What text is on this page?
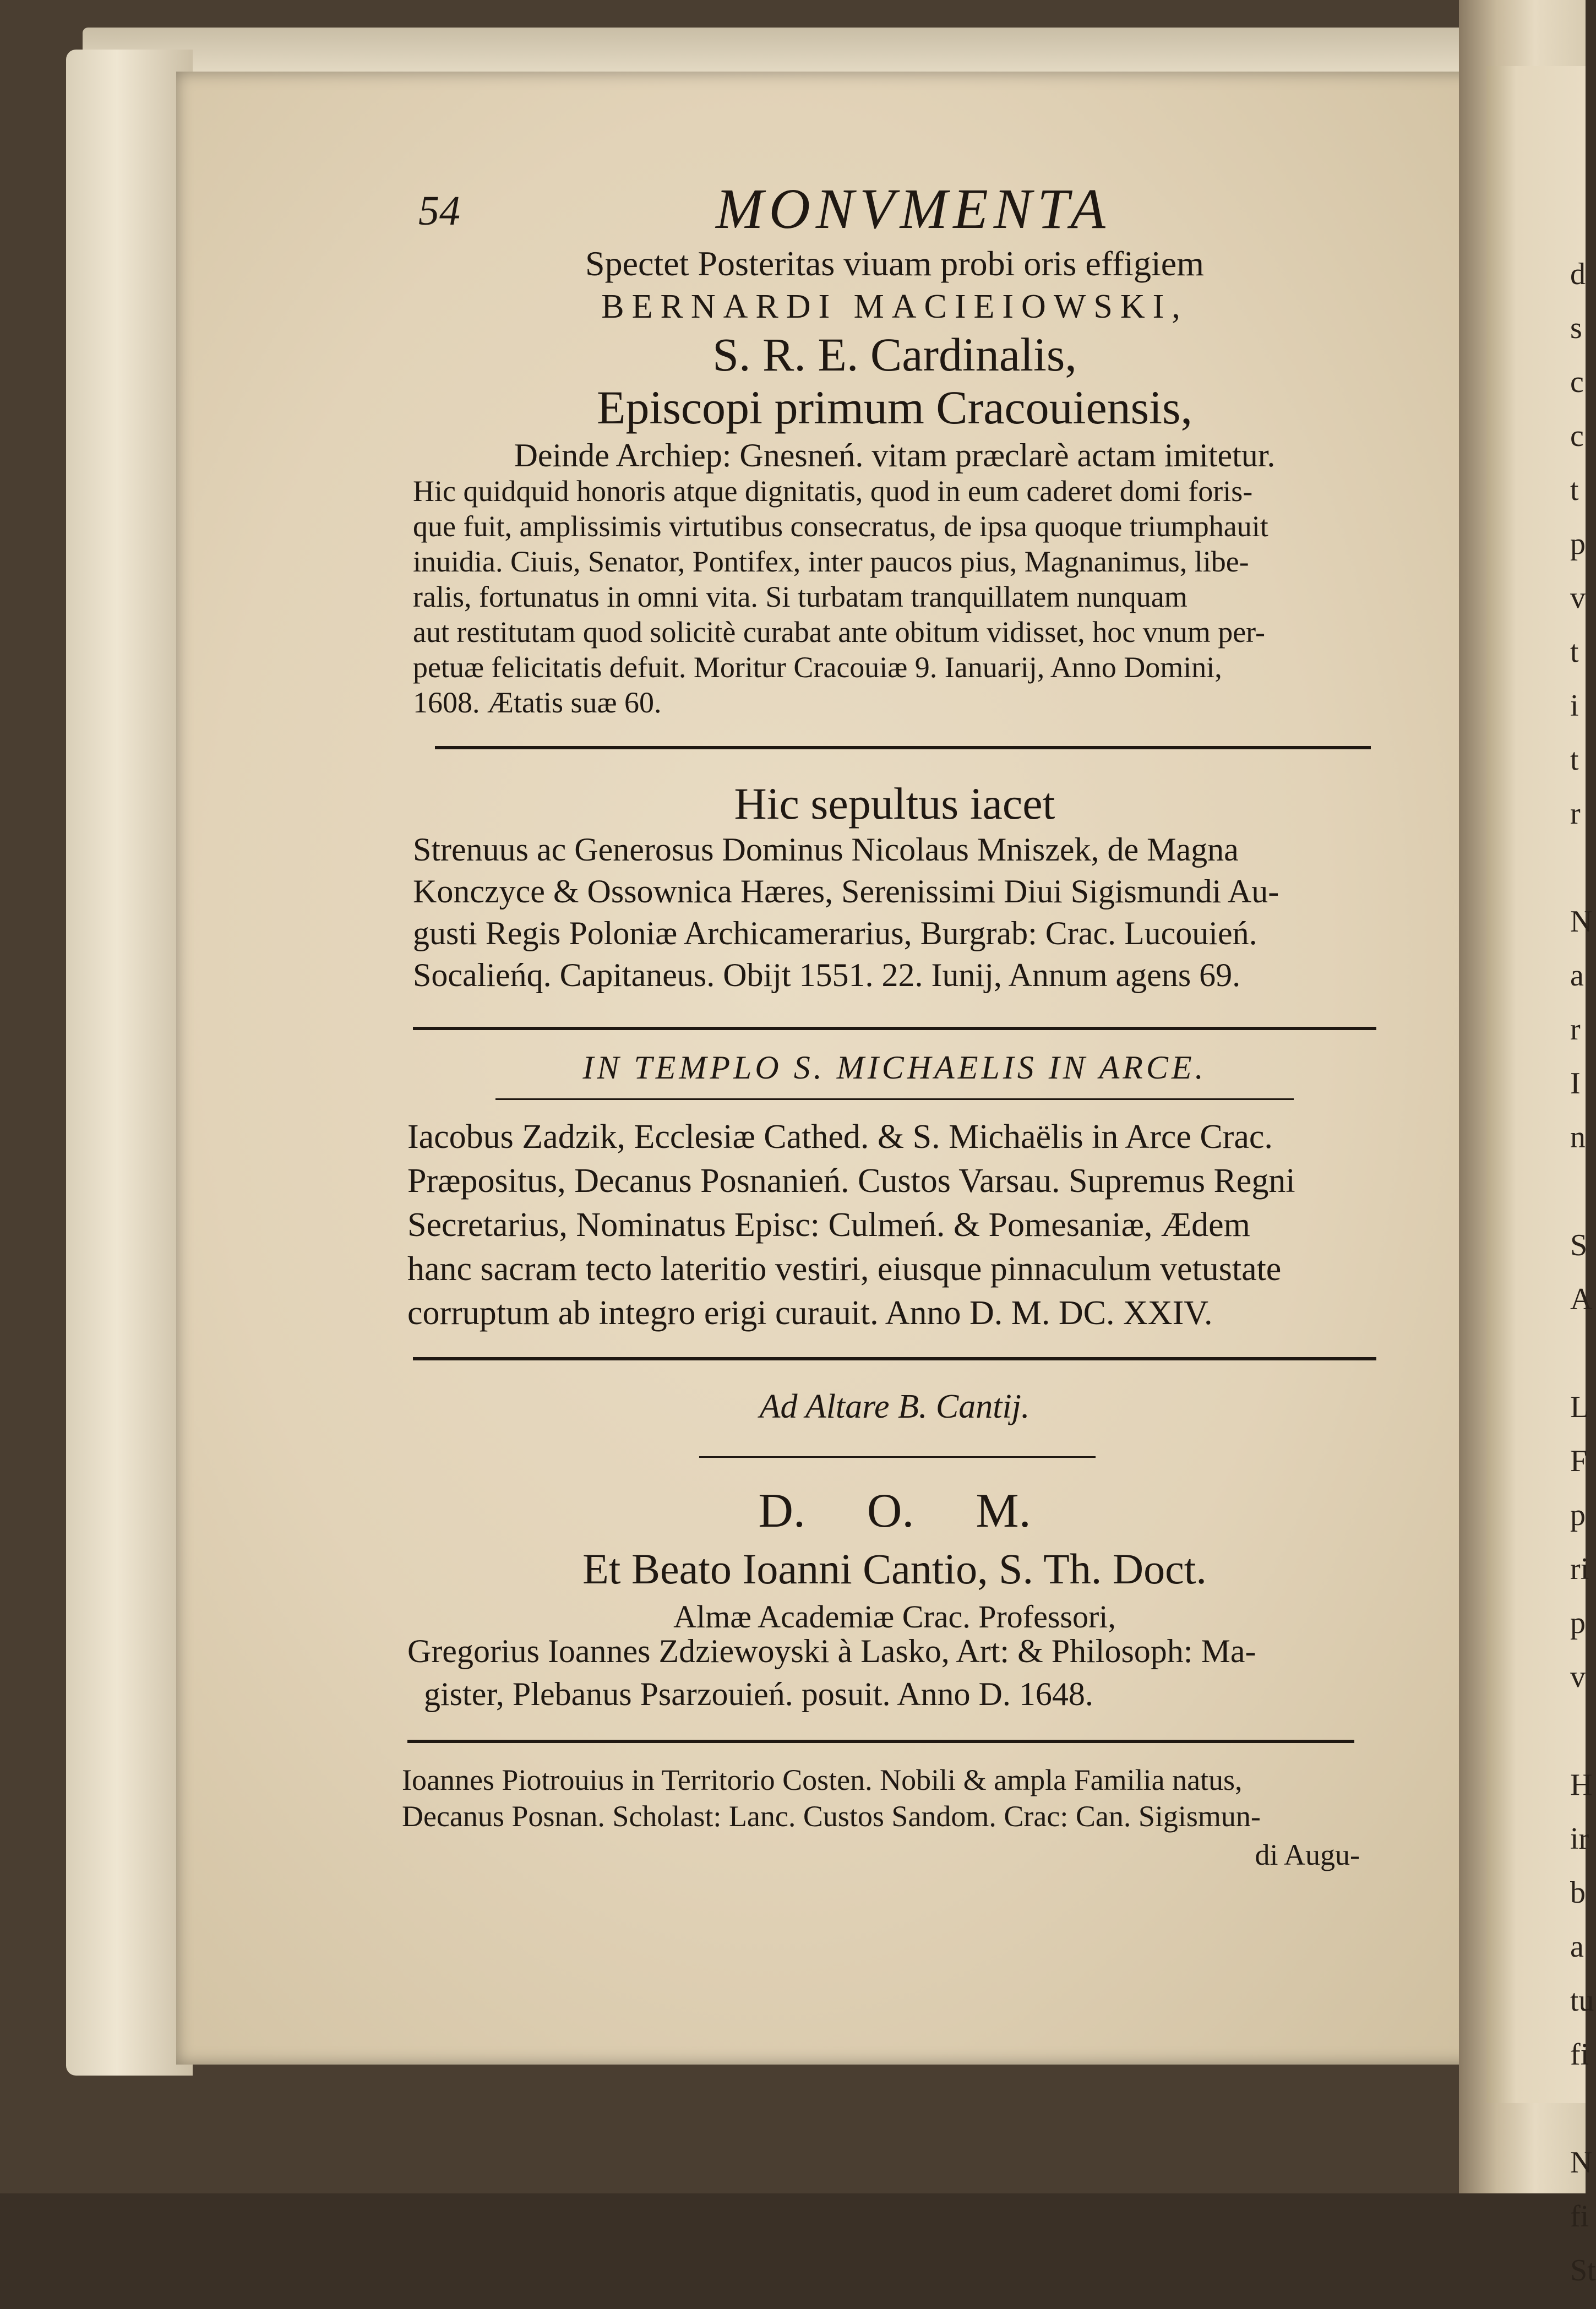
d
s
c
c
t
p
v
t
i
t
r
N
a
r
I
n
S
A
L
F
p
ri
p
v
H
ir
b
a
tu
fi
N
fi
St
54	MONVMENTA
Spectet Posteritas viuam probi oris effigiem
BERNARDI MACIEIOWSKI,
S. R. E. Cardinalis,
Episcopi primum Cracouiensis,
Deinde Archiep: Gnesneń. vitam præclarè actam imitetur.
Hic quidquid honoris atque dignitatis, quod in eum caderet domi foris-
que fuit, amplissimis virtutibus consecratus, de ipsa quoque triumphauit
inuidia. Ciuis, Senator, Pontifex, inter paucos pius, Magnanimus, libe-
ralis, fortunatus in omni vita. Si turbatam tranquillatem nunquam
aut restitutam quod solicitè curabat ante obitum vidisset, hoc vnum per-
petuæ felicitatis defuit. Moritur Cracouiæ 9. Ianuarij, Anno Domini,
1608. Ætatis suæ 60.
Hic sepultus iacet
Strenuus ac Generosus Dominus Nicolaus Mniszek, de Magna
Konczyce & Ossownica Hæres, Serenissimi Diui Sigismundi Au-
gusti Regis Poloniæ Archicamerarius, Burgrab: Crac. Lucouień.
Socalieńq. Capitaneus. Obijt 1551. 22. Iunij, Annum agens 69.
IN TEMPLO S. MICHAELIS IN ARCE.
Iacobus Zadzik, Ecclesiæ Cathed. & S. Michaëlis in Arce Crac.
Præpositus, Decanus Posnanień. Custos Varsau. Supremus Regni
Secretarius, Nominatus Episc: Culmeń. & Pomesaniæ, Ædem
hanc sacram tecto lateritio vestiri, eiusque pinnaculum vetustate
corruptum ab integro erigi curauit. Anno D. M. DC. XXIV.
Ad Altare B. Cantij.
D. O. M.
Et Beato Ioanni Cantio, S. Th. Doct.
Almæ Academiæ Crac. Professori,
Gregorius Ioannes Zdziewoyski à Lasko, Art: & Philosoph: Ma-
gister, Plebanus Psarzouień. posuit. Anno D. 1648.
Ioannes Piotrouius in Territorio Costen. Nobili & ampla Familia natus,
Decanus Posnan. Scholast: Lanc. Custos Sandom. Crac: Can. Sigismun-
di Augu-
